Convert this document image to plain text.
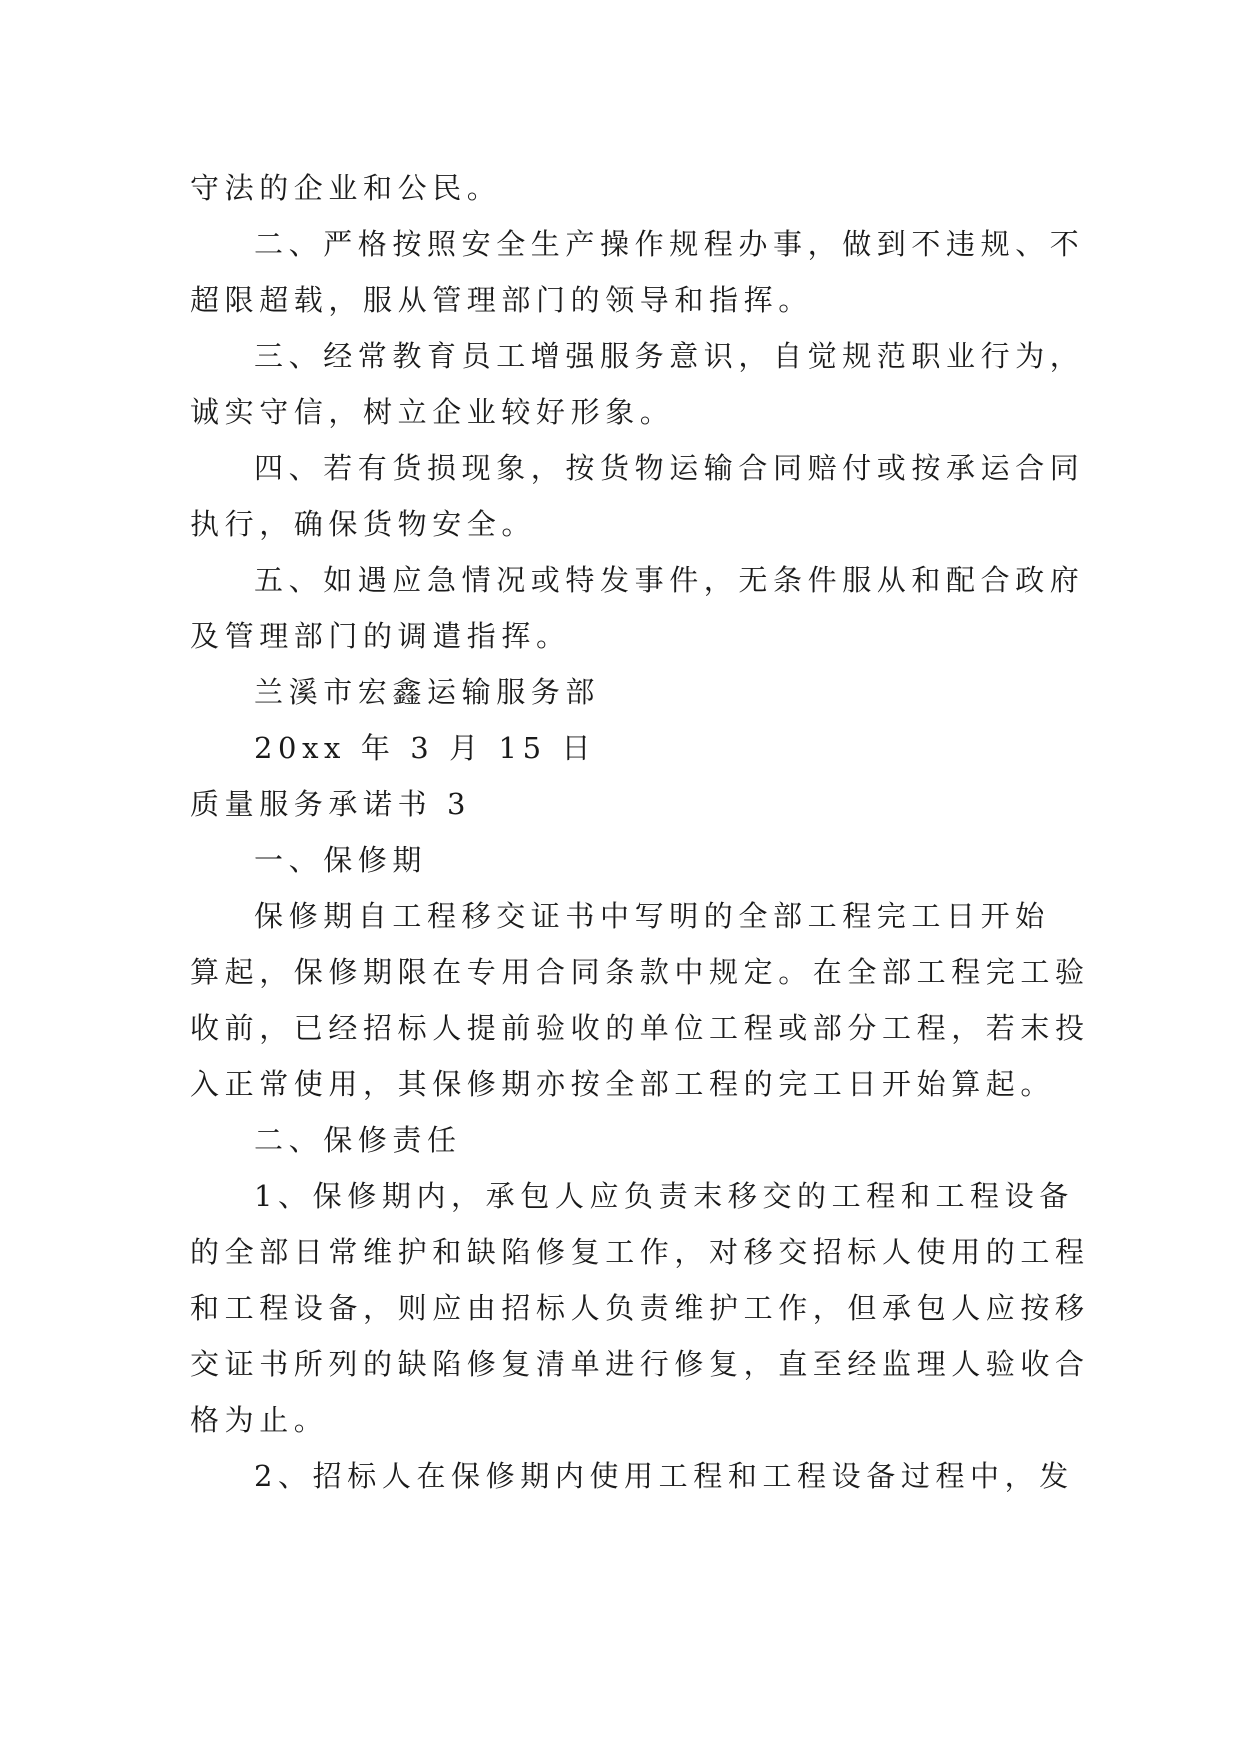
守法的企业和公民。
二、严格按照安全生产操作规程办事，做到不违规、不
超限超载，服从管理部门的领导和指挥。
三、经常教育员工增强服务意识，自觉规范职业行为，
诚实守信，树立企业较好形象。
四、若有货损现象，按货物运输合同赔付或按承运合同
执行，确保货物安全。
五、如遇应急情况或特发事件，无条件服从和配合政府
及管理部门的调遣指挥。
兰溪市宏鑫运输服务部
20xx 年 3 月 15 日
质量服务承诺书 3
一、保修期
保修期自工程移交证书中写明的全部工程完工日开始
算起，保修期限在专用合同条款中规定。在全部工程完工验
收前，已经招标人提前验收的单位工程或部分工程，若末投
入正常使用，其保修期亦按全部工程的完工日开始算起。
二、保修责任
1、保修期内，承包人应负责末移交的工程和工程设备
的全部日常维护和缺陷修复工作，对移交招标人使用的工程
和工程设备，则应由招标人负责维护工作，但承包人应按移
交证书所列的缺陷修复清单进行修复，直至经监理人验收合
格为止。
2、招标人在保修期内使用工程和工程设备过程中，发
